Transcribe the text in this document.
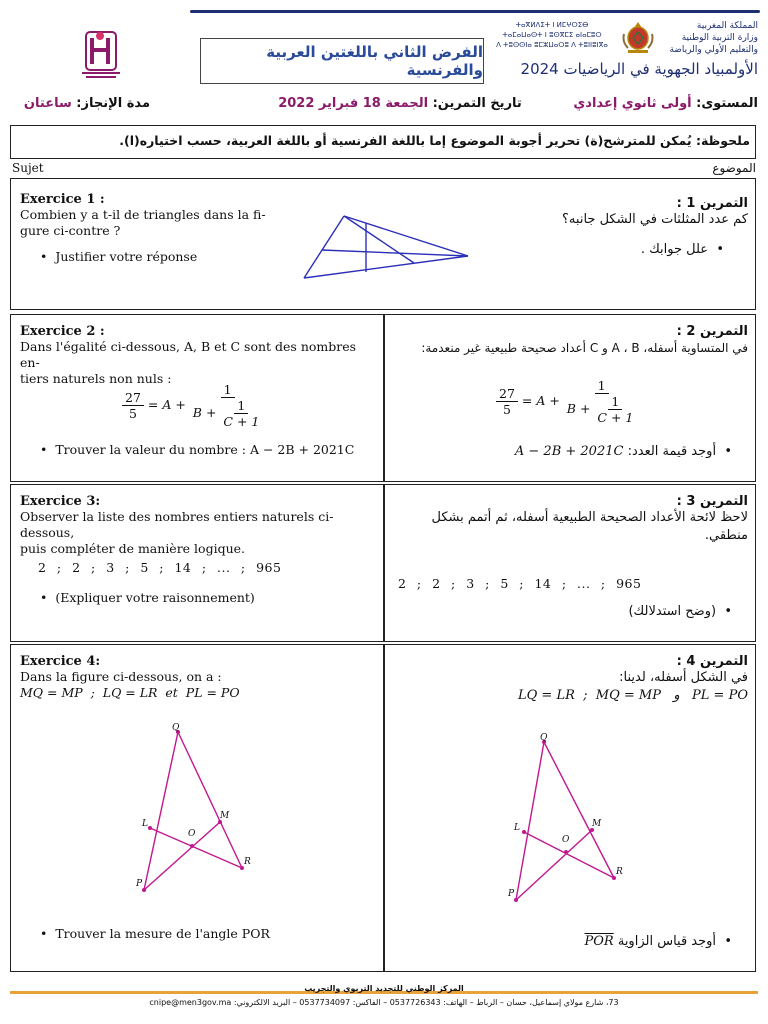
الفرض الثاني باللغتين العربية والفرنسية
ⵜⴰⴳⵍⴷⵉⵜ ⵏ ⵍⵎⵖⵔⵉⴱ
ⵜⴰⵎⴰⵡⴰⵙⵜ ⵏ ⵓⵙⴳⵎⵉ ⴰⵏⴰⵎⵓⵔ
ⴷ ⵜⵓⵙⵙⵏⴰ ⵓⵎⵣⵡⴰⵔⵓ ⴷ ⵜⵓⵏⵏⵓⵏⴳⴰ
المملكة المغربية
وزارة التربية الوطنية
والتعليم الأولي والرياضة
الأولمبياد الجهوية في الرياضيات 2024
المستوى: أولى ثانوي إعدادي
تاريخ التمرين: الجمعة 18 فبراير 2022
مدة الإنجاز: ساعتان
ملحوظة: يُمكن للمترشح(ة) تحرير أجوبة الموضوع إما باللغة الفرنسية أو باللغة العربية، حسب اختياره(ا).
Sujet	الموضوع
Exercice 1 :
Combien y a t-il de triangles dans la fi-
gure ci-contre ?
•  Justifier votre réponse
التمرين 1 :
كم عدد المثلثات في الشكل جانبه؟
•  علل جوابك .
Exercice 2 :
Dans l'égalité ci-dessous, A, B et C sont des nombres en-
tiers naturels non nuls :
$\frac{27}{5} = A + \frac{1}{B + \frac{1}{C + 1}}$
•  Trouver la valeur du nombre : A − 2B + 2021C
التمرين 2 :
في المتساوية أسفله، A ، B و C أعداد صحيحة طبيعية غير منعدمة:
$\frac{27}{5} = A + \frac{1}{B + \frac{1}{C + 1}}$
•  أوجد قيمة العدد: A − 2B + 2021C
Exercice 3:
Observer la liste des nombres entiers naturels ci-dessous,
puis compléter de manière logique.
2 ; 2 ; 3 ; 5 ; 14 ; ... ; 965
•  (Expliquer votre raisonnement)
التمرين 3 :
لاحظ لائحة الأعداد الصحيحة الطبيعية أسفله، ثم أتمم بشكل
منطقي.
2 ; 2 ; 3 ; 5 ; 14 ; ... ; 965
•  (وضح استدلالك)
Exercice 4:
Dans la figure ci-dessous, on a :
MQ = MP  ;  LQ = LR  et  PL = PO
Q
L
M
O
P
R
•  Trouver la mesure de l'angle POR
التمرين 4 :
في الشكل أسفله، لدينا:
PL = PO   و   LQ = LR  ;  MQ = MP
Q
L	M
O
P
R
•  أوجد قياس الزاوية $\overline{POR}$
المركز الوطني للتجديد التربوي والتجريب
73، شارع مولاي إسماعيل، حسان – الرباط – الهاتف: 0537726343 – الفاكس: 0537734097 – البريد الالكتروني: cnipe@men3gov.ma
